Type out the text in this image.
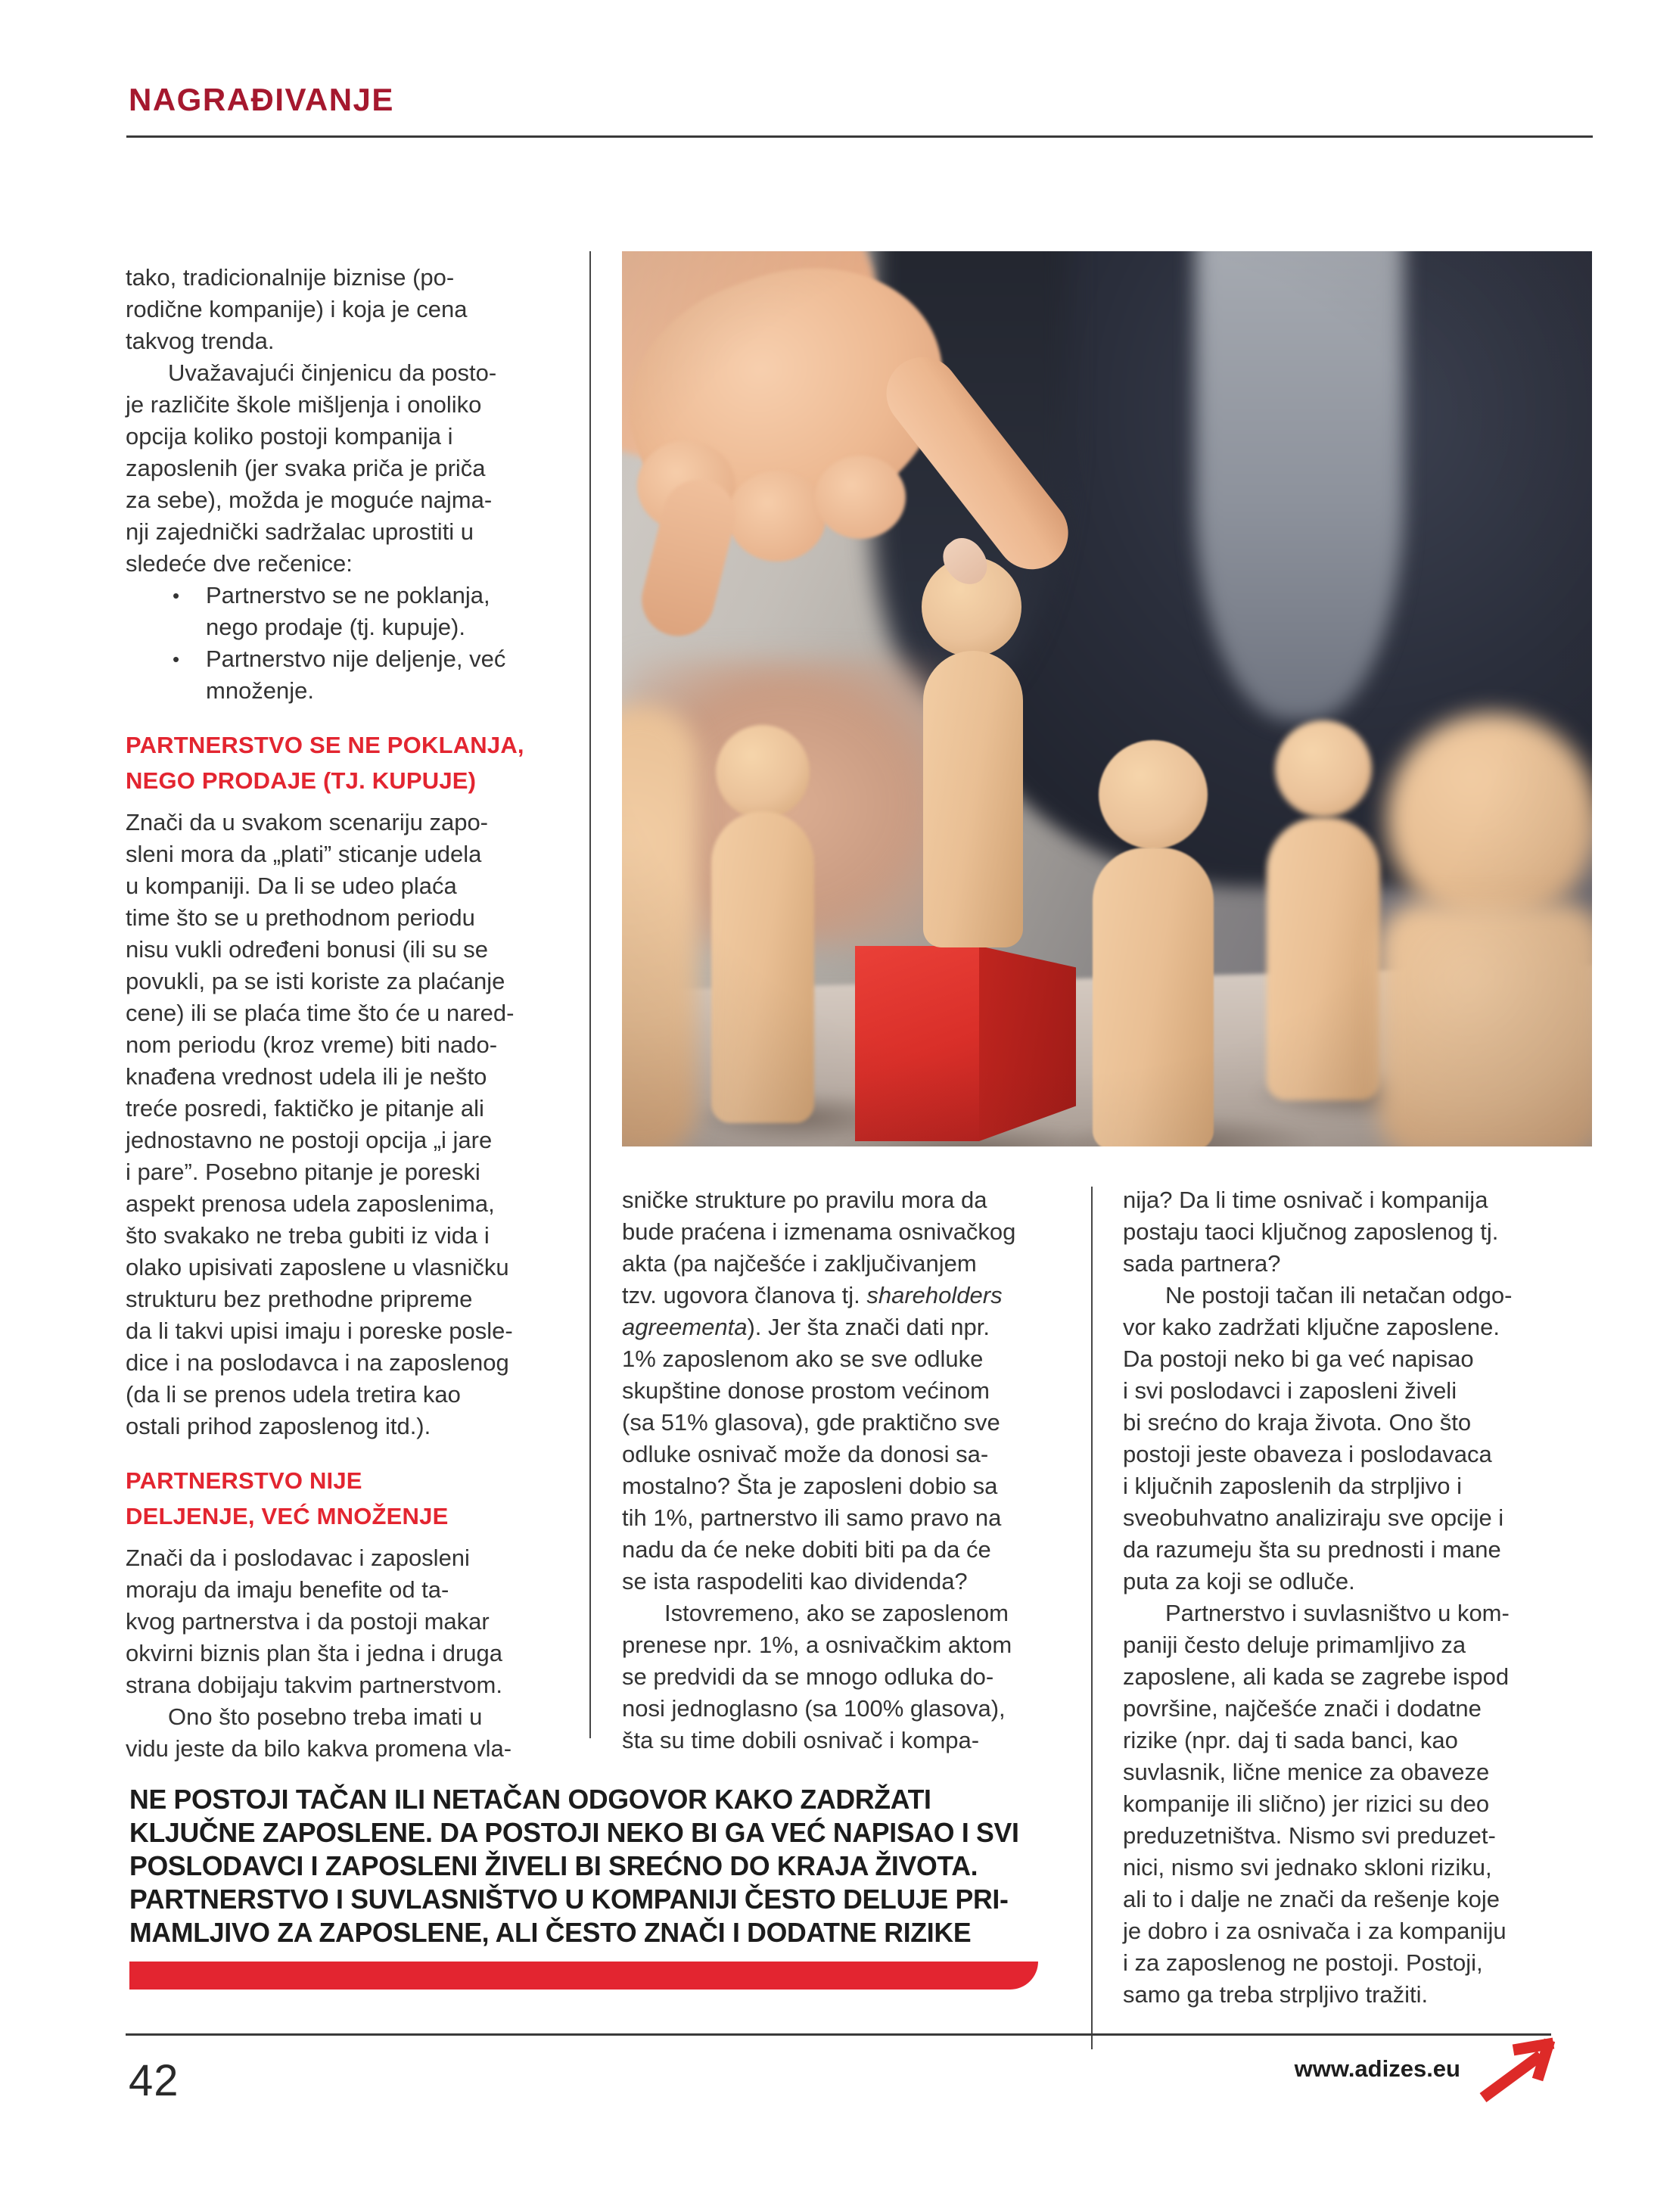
NAGRAĐIVANJE
tako, tradicionalnije biznise (po-
rodične kompanije) i koja je cena
takvog trenda.
Uvažavajući činjenicu da posto-
je različite škole mišljenja i onoliko
opcija koliko postoji kompanija i
zaposlenih (jer svaka priča je priča
za sebe), možda je moguće najma-
nji zajednički sadržalac uprostiti u
sledeće dve rečenice:
• Partnerstvo se ne poklanja,
nego prodaje (tj. kupuje).
• Partnerstvo nije deljenje, već
množenje.
PARTNERSTVO SE NE POKLANJA,
NEGO PRODAJE (TJ. KUPUJE)
Znači da u svakom scenariju zapo-
sleni mora da „plati” sticanje udela
u kompaniji. Da li se udeo plaća
time što se u prethodnom periodu
nisu vukli određeni bonusi (ili su se
povukli, pa se isti koriste za plaćanje
cene) ili se plaća time što će u nared-
nom periodu (kroz vreme) biti nado-
knađena vrednost udela ili je nešto
treće posredi, faktičko je pitanje ali
jednostavno ne postoji opcija „i jare
i pare”. Posebno pitanje je poreski
aspekt prenosa udela zaposlenima,
što svakako ne treba gubiti iz vida i
olako upisivati zaposlene u vlasničku
strukturu bez prethodne pripreme
da li takvi upisi imaju i poreske posle-
dice i na poslodavca i na zaposlenog
(da li se prenos udela tretira kao
ostali prihod zaposlenog itd.).
PARTNERSTVO NIJE
DELJENJE, VEĆ MNOŽENJE
Znači da i poslodavac i zaposleni
moraju da imaju benefite od ta-
kvog partnerstva i da postoji makar
okvirni biznis plan šta i jedna i druga
strana dobijaju takvim partnerstvom.
Ono što posebno treba imati u
vidu jeste da bilo kakva promena vla-
sničke strukture po pravilu mora da
bude praćena i izmenama osnivačkog
akta (pa najčešće i zaključivanjem
tzv. ugovora članova tj. shareholders
agreementa). Jer šta znači dati npr.
1% zaposlenom ako se sve odluke
skupštine donose prostom većinom
(sa 51% glasova), gde praktično sve
odluke osnivač može da donosi sa-
mostalno? Šta je zaposleni dobio sa
tih 1%, partnerstvo ili samo pravo na
nadu da će neke dobiti biti pa da će
se ista raspodeliti kao dividenda?
Istovremeno, ako se zaposlenom
prenese npr. 1%, a osnivačkim aktom
se predvidi da se mnogo odluka do-
nosi jednoglasno (sa 100% glasova),
šta su time dobili osnivač i kompa-
nija? Da li time osnivač i kompanija
postaju taoci ključnog zaposlenog tj.
sada partnera?
Ne postoji tačan ili netačan odgo-
vor kako zadržati ključne zaposlene.
Da postoji neko bi ga već napisao
i svi poslodavci i zaposleni živeli
bi srećno do kraja života. Ono što
postoji jeste obaveza i poslodavaca
i ključnih zaposlenih da strpljivo i
sveobuhvatno analiziraju sve opcije i
da razumeju šta su prednosti i mane
puta za koji se odluče.
Partnerstvo i suvlasništvo u kom-
paniji često deluje primamljivo za
zaposlene, ali kada se zagrebe ispod
površine, najčešće znači i dodatne
rizike (npr. daj ti sada banci, kao
suvlasnik, lične menice za obaveze
kompanije ili slično) jer rizici su deo
preduzetništva. Nismo svi preduzet-
nici, nismo svi jednako skloni riziku,
ali to i dalje ne znači da rešenje koje
je dobro i za osnivača i za kompaniju
i za zaposlenog ne postoji. Postoji,
samo ga treba strpljivo tražiti.
NE POSTOJI TAČAN ILI NETAČAN ODGOVOR KAKO ZADRŽATI
KLJUČNE ZAPOSLENE. DA POSTOJI NEKO BI GA VEĆ NAPISAO I SVI
POSLODAVCI I ZAPOSLENI ŽIVELI BI SREĆNO DO KRAJA ŽIVOTA.
PARTNERSTVO I SUVLASNIŠTVO U KOMPANIJI ČESTO DELUJE PRI-
MAMLJIVO ZA ZAPOSLENE, ALI ČESTO ZNAČI I DODATNE RIZIKE
42	www.adizes.eu
